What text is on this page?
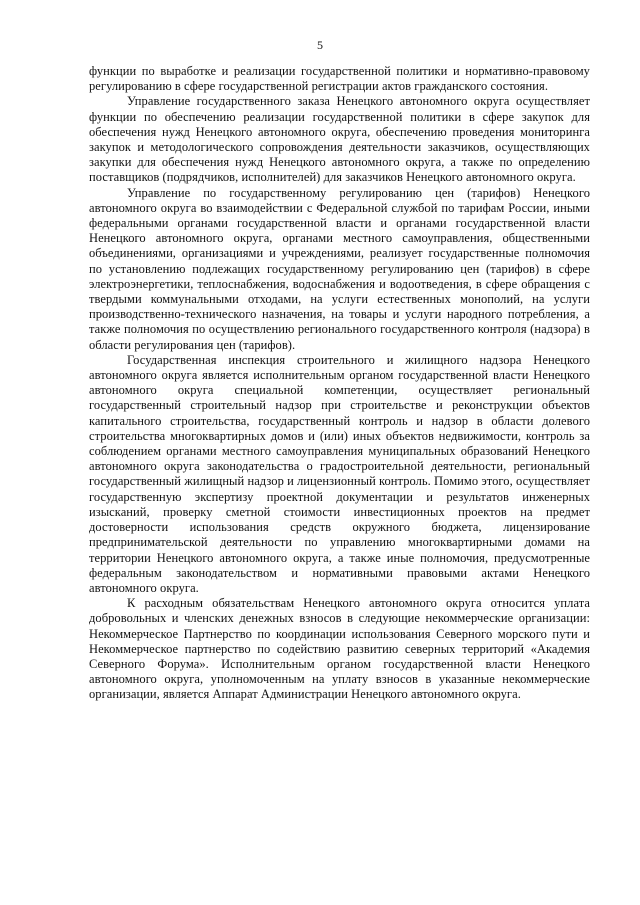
5

функции по выработке и реализации государственной политики и нормативно-правовому регулированию в сфере государственной регистрации актов гражданского состояния.

Управление государственного заказа Ненецкого автономного округа осуществляет функции по обеспечению реализации государственной политики в сфере закупок для обеспечения нужд Ненецкого автономного округа, обеспечению проведения мониторинга закупок и методологического сопровождения деятельности заказчиков, осуществляющих закупки для обеспечения нужд Ненецкого автономного округа, а также по определению поставщиков (подрядчиков, исполнителей) для заказчиков Ненецкого автономного округа.

Управление по государственному регулированию цен (тарифов) Ненецкого автономного округа во взаимодействии с Федеральной службой по тарифам России, иными федеральными органами государственной власти и органами государственной власти Ненецкого автономного округа, органами местного самоуправления, общественными объединениями, организациями и учреждениями, реализует государственные полномочия по установлению подлежащих государственному регулированию цен (тарифов) в сфере электроэнергетики, теплоснабжения, водоснабжения и водоотведения, в сфере обращения с твердыми коммунальными отходами, на услуги естественных монополий, на услуги производственно-технического назначения, на товары и услуги народного потребления, а также полномочия по осуществлению регионального государственного контроля (надзора) в области регулирования цен (тарифов).

Государственная инспекция строительного и жилищного надзора Ненецкого автономного округа является исполнительным органом государственной власти Ненецкого автономного округа специальной компетенции, осуществляет региональный государственный строительный надзор при строительстве и реконструкции объектов капитального строительства, государственный контроль и надзор в области долевого строительства многоквартирных домов и (или) иных объектов недвижимости, контроль за соблюдением органами местного самоуправления муниципальных образований Ненецкого автономного округа законодательства о градостроительной деятельности, региональный государственный жилищный надзор и лицензионный контроль. Помимо этого, осуществляет государственную экспертизу проектной документации и результатов инженерных изысканий, проверку сметной стоимости инвестиционных проектов на предмет достоверности использования средств окружного бюджета, лицензирование предпринимательской деятельности по управлению многоквартирными домами на территории Ненецкого автономного округа, а также иные полномочия, предусмотренные федеральным законодательством и нормативными правовыми актами Ненецкого автономного округа.

К расходным обязательствам Ненецкого автономного округа относится уплата добровольных и членских денежных взносов в следующие некоммерческие организации: Некоммерческое Партнерство по координации использования Северного морского пути и Некоммерческое партнерство по содействию развитию северных территорий «Академия Северного Форума». Исполнительным органом государственной власти Ненецкого автономного округа, уполномоченным на уплату взносов в указанные некоммерческие организации, является Аппарат Администрации Ненецкого автономного округа.
